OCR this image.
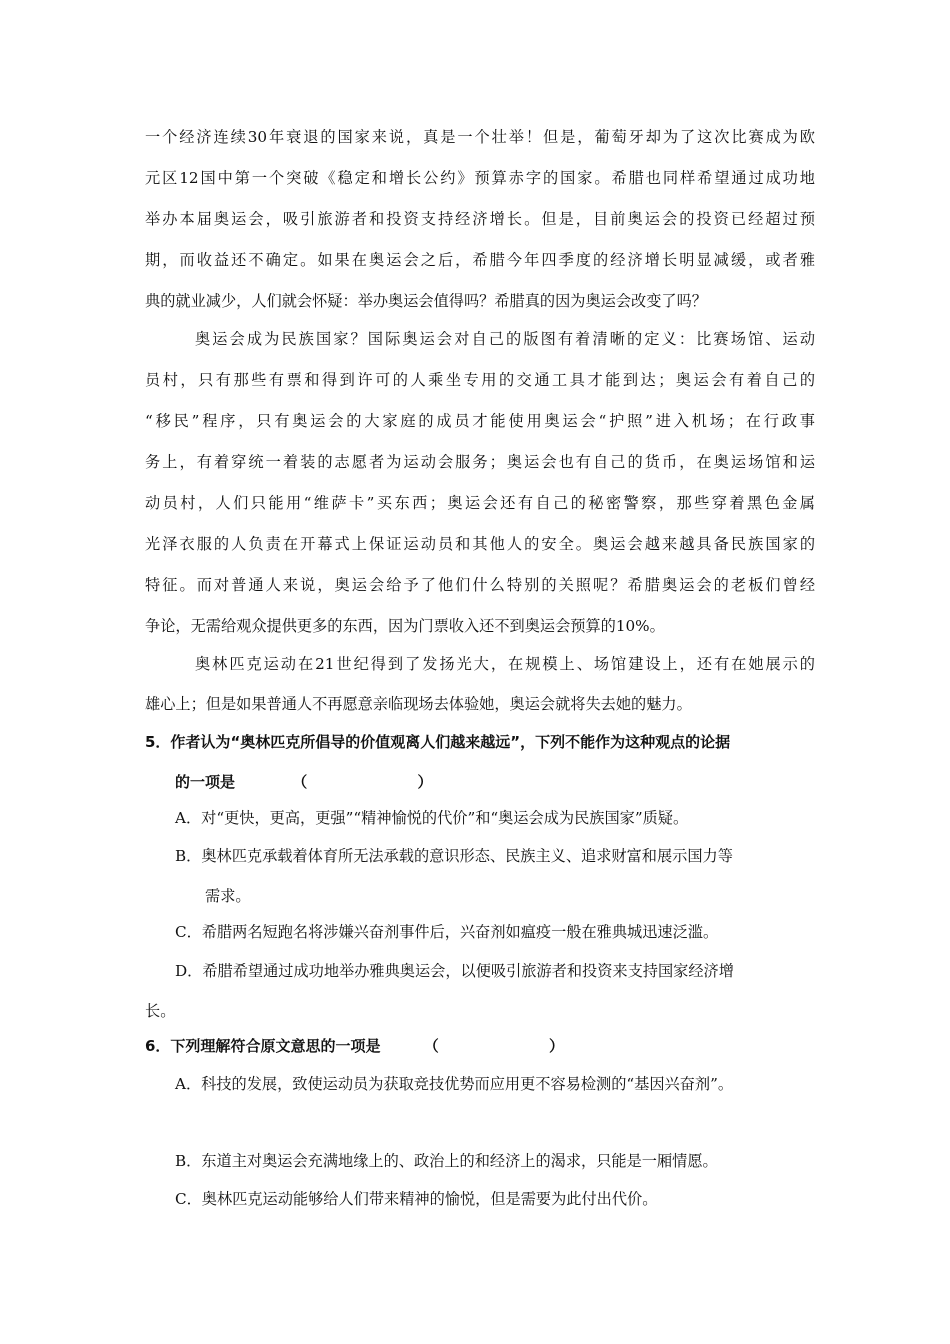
一个经济连续30年衰退的国家来说，真是一个壮举！但是，葡萄牙却为了这次比赛成为欧
元区12国中第一个突破《稳定和增长公约》预算赤字的国家。希腊也同样希望通过成功地
举办本届奥运会，吸引旅游者和投资支持经济增长。但是，目前奥运会的投资已经超过预
期，而收益还不确定。如果在奥运会之后，希腊今年四季度的经济增长明显减缓，或者雅
典的就业减少，人们就会怀疑：举办奥运会值得吗？希腊真的因为奥运会改变了吗？
奥运会成为民族国家？国际奥运会对自己的版图有着清晰的定义：比赛场馆、运动
员村，只有那些有票和得到许可的人乘坐专用的交通工具才能到达；奥运会有着自己的
“移民”程序，只有奥运会的大家庭的成员才能使用奥运会“护照”进入机场；在行政事
务上，有着穿统一着装的志愿者为运动会服务；奥运会也有自己的货币，在奥运场馆和运
动员村，人们只能用“维萨卡”买东西；奥运会还有自己的秘密警察，那些穿着黑色金属
光泽衣服的人负责在开幕式上保证运动员和其他人的安全。奥运会越来越具备民族国家的
特征。而对普通人来说，奥运会给予了他们什么特别的关照呢？希腊奥运会的老板们曾经
争论，无需给观众提供更多的东西，因为门票收入还不到奥运会预算的10%。
奥林匹克运动在21世纪得到了发扬光大，在规模上、场馆建设上，还有在她展示的
雄心上；但是如果普通人不再愿意亲临现场去体验她，奥运会就将失去她的魅力。
5．作者认为“奥林匹克所倡导的价值观离人们越来越远”，下列不能作为这种观点的论据
的一项是	（	）
A．对“更快，更高，更强”“精神愉悦的代价”和“奥运会成为民族国家”质疑。
B．奥林匹克承载着体育所无法承载的意识形态、民族主义、追求财富和展示国力等
需求。
C．希腊两名短跑名将涉嫌兴奋剂事件后，兴奋剂如瘟疫一般在雅典城迅速泛滥。
D．希腊希望通过成功地举办雅典奥运会，以便吸引旅游者和投资来支持国家经济增
长。
6．下列理解符合原文意思的一项是	（	）
A．科技的发展，致使运动员为获取竞技优势而应用更不容易检测的“基因兴奋剂”。
B．东道主对奥运会充满地缘上的、政治上的和经济上的渴求，只能是一厢情愿。
C．奥林匹克运动能够给人们带来精神的愉悦，但是需要为此付出代价。
